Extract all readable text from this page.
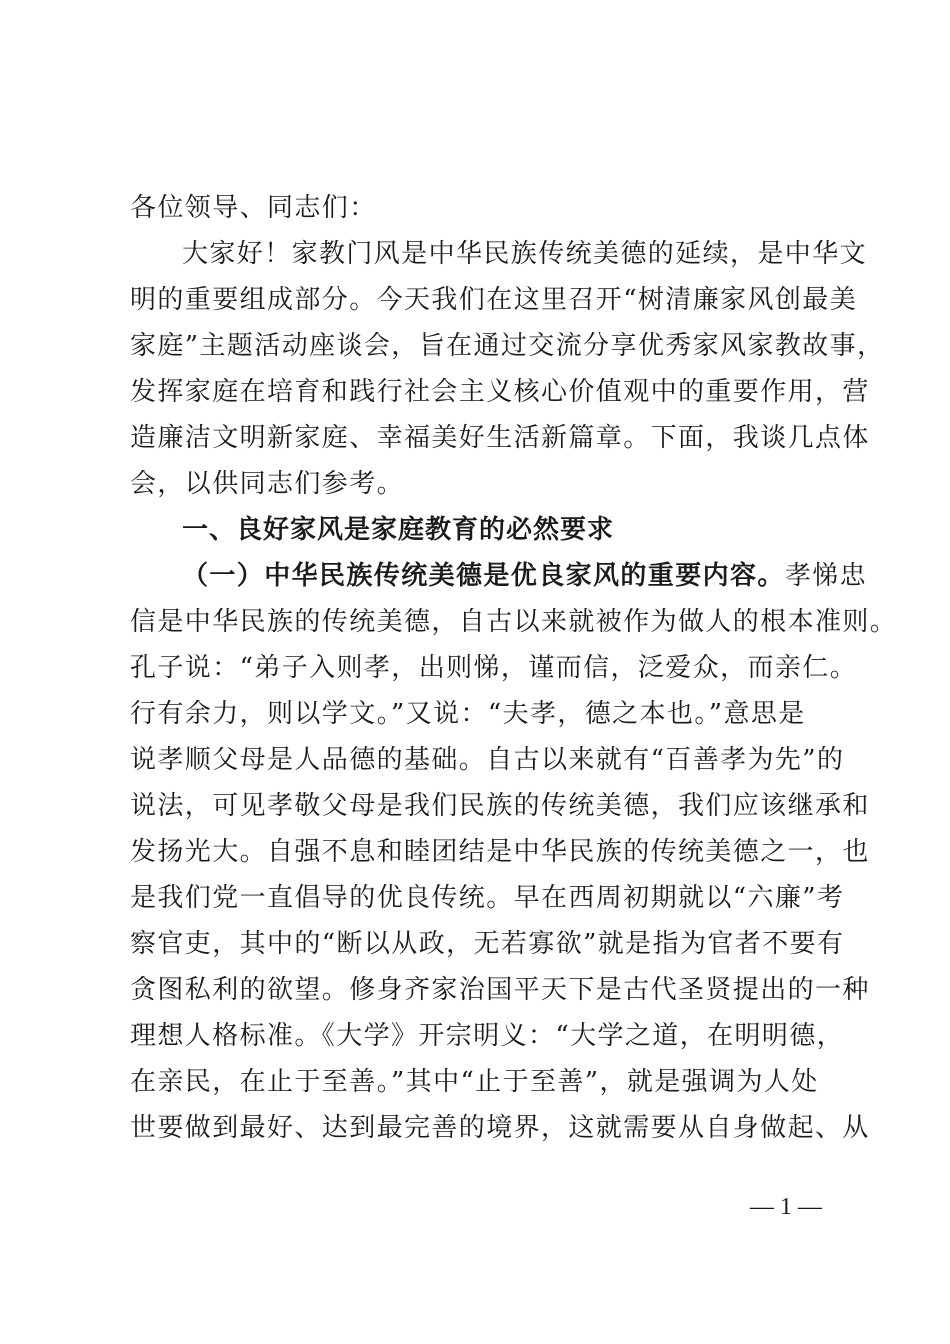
各位领导、同志们：
大家好！家教门风是中华民族传统美德的延续，是中华文
明的重要组成部分。今天我们在这里召开“树清廉家风创最美
家庭”主题活动座谈会，旨在通过交流分享优秀家风家教故事，
发挥家庭在培育和践行社会主义核心价值观中的重要作用，营
造廉洁文明新家庭、幸福美好生活新篇章。下面，我谈几点体
会，以供同志们参考。
一、良好家风是家庭教育的必然要求
（一）中华民族传统美德是优良家风的重要内容。孝悌忠
信是中华民族的传统美德，自古以来就被作为做人的根本准则。
孔子说：“弟子入则孝，出则悌，谨而信，泛爱众，而亲仁。
行有余力，则以学文。”又说：“夫孝，德之本也。”意思是
说孝顺父母是人品德的基础。自古以来就有“百善孝为先”的
说法，可见孝敬父母是我们民族的传统美德，我们应该继承和
发扬光大。自强不息和睦团结是中华民族的传统美德之一，也
是我们党一直倡导的优良传统。早在西周初期就以“六廉”考
察官吏，其中的“断以从政，无若寡欲”就是指为官者不要有
贪图私利的欲望。修身齐家治国平天下是古代圣贤提出的一种
理想人格标准。《大学》开宗明义：“大学之道，在明明德，
在亲民，在止于至善。”其中“止于至善”，就是强调为人处
世要做到最好、达到最完善的境界，这就需要从自身做起、从
— 1 —
